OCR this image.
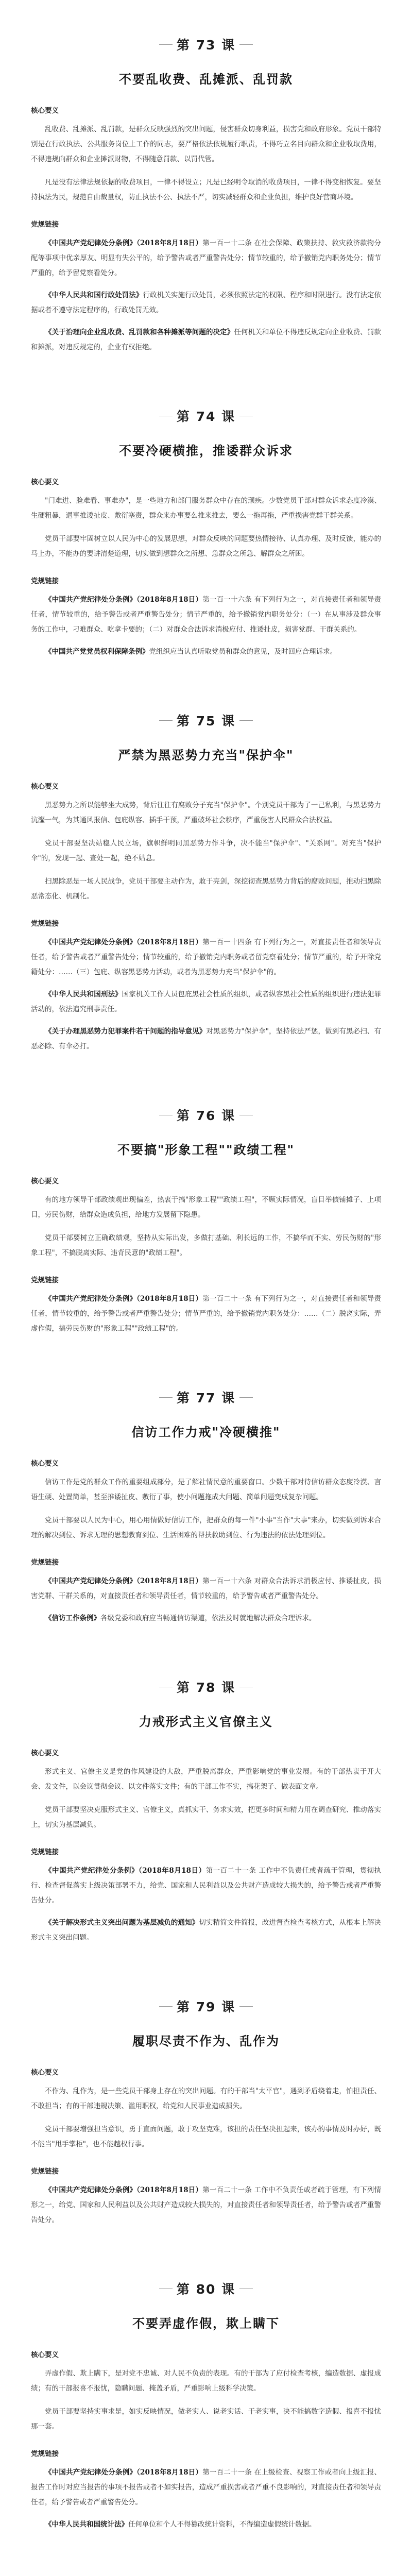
第 73 课
不要乱收费、乱摊派、乱罚款
核心要义

乱收费、乱摊派、乱罚款，是群众反映强烈的突出问题，侵害群众切身利益，损害党和政府形象。党员干部特别是在行政执法、公共服务岗位上工作的同志，要严格依法依规履行职责，不得巧立名目向群众和企业收取费用，不得违规向群众和企业摊派财物，不得随意罚款、以罚代管。

凡是没有法律法规依据的收费项目，一律不得设立；凡是已经明令取消的收费项目，一律不得变相恢复。要坚持执法为民，规范自由裁量权，防止执法不公、执法不严，切实减轻群众和企业负担，维护良好营商环境。

党规链接
《中国共产党纪律处分条例》（2018年8月18日）第一百一十二条 在社会保障、政策扶持、救灾救济款物分配等事项中优亲厚友、明显有失公平的，给予警告或者严重警告处分；情节较重的，给予撤销党内职务处分；情节严重的，给予留党察看处分。
《中华人民共和国行政处罚法》行政机关实施行政处罚，必须依照法定的权限、程序和时限进行。没有法定依据或者不遵守法定程序的，行政处罚无效。
《关于治理向企业乱收费、乱罚款和各种摊派等问题的决定》任何机关和单位不得违反规定向企业收费、罚款和摊派，对违反规定的，企业有权拒绝。
第 74 课
不要冷硬横推，推诿群众诉求
核心要义

"门难进、脸难看、事难办"，是一些地方和部门服务群众中存在的顽疾。少数党员干部对群众诉求态度冷漠、生硬粗暴，遇事推诿扯皮、敷衍塞责，群众来办事要么推来推去，要么一拖再拖，严重损害党群干群关系。

党员干部要牢固树立以人民为中心的发展思想，对群众反映的问题要热情接待、认真办理、及时反馈，能办的马上办，不能办的要讲清楚道理，切实做到想群众之所想、急群众之所急、解群众之所困。

党规链接
《中国共产党纪律处分条例》（2018年8月18日）第一百一十六条 有下列行为之一，对直接责任者和领导责任者，情节较重的，给予警告或者严重警告处分；情节严重的，给予撤销党内职务处分：（一）在从事涉及群众事务的工作中，刁难群众、吃拿卡要的；（二）对群众合法诉求消极应付、推诿扯皮，损害党群、干群关系的。
《中国共产党党员权利保障条例》党组织应当认真听取党员和群众的意见，及时回应合理诉求。
第 75 课
严禁为黑恶势力充当"保护伞"
核心要义

黑恶势力之所以能够坐大成势，背后往往有腐败分子充当"保护伞"。个别党员干部为了一己私利，与黑恶势力沆瀣一气，为其通风报信、包庇纵容、插手干预，严重破坏社会秩序，严重侵害人民群众合法权益。

党员干部要坚决站稳人民立场，旗帜鲜明同黑恶势力作斗争，决不能当"保护伞"、"关系网"。对充当"保护伞"的，发现一起、查处一起，绝不姑息。

扫黑除恶是一场人民战争，党员干部要主动作为，敢于亮剑，深挖彻查黑恶势力背后的腐败问题，推动扫黑除恶常态化、机制化。

党规链接
《中国共产党纪律处分条例》（2018年8月18日）第一百一十四条 有下列行为之一，对直接责任者和领导责任者，给予警告或者严重警告处分；情节较重的，给予撤销党内职务或者留党察看处分；情节严重的，给予开除党籍处分：……（三）包庇、纵容黑恶势力活动，或者为黑恶势力充当"保护伞"的。
《中华人民共和国刑法》国家机关工作人员包庇黑社会性质的组织，或者纵容黑社会性质的组织进行违法犯罪活动的，依法追究刑事责任。
《关于办理黑恶势力犯罪案件若干问题的指导意见》对黑恶势力"保护伞"，坚持依法严惩，做到有黑必扫、有恶必除、有伞必打。
第 76 课
不要搞"形象工程""政绩工程"
核心要义

有的地方领导干部政绩观出现偏差，热衷于搞"形象工程""政绩工程"，不顾实际情况，盲目举债铺摊子、上项目，劳民伤财，给群众造成负担，给地方发展留下隐患。

党员干部要树立正确政绩观，坚持从实际出发，多做打基础、利长远的工作，不搞华而不实、劳民伤财的"形象工程"，不搞脱离实际、违背民意的"政绩工程"。

党规链接
《中国共产党纪律处分条例》（2018年8月18日）第一百二十一条 有下列行为之一，对直接责任者和领导责任者，情节较重的，给予警告或者严重警告处分；情节严重的，给予撤销党内职务处分：……（二）脱离实际，弄虚作假，搞劳民伤财的"形象工程""政绩工程"的。
第 77 课
信访工作力戒"冷硬横推"
核心要义

信访工作是党的群众工作的重要组成部分，是了解社情民意的重要窗口。少数干部对待信访群众态度冷漠、言语生硬、处置简单，甚至推诿扯皮、敷衍了事，使小问题拖成大问题、简单问题变成复杂问题。

党员干部要以人民为中心，用心用情做好信访工作，把群众的每一件"小事"当作"大事"来办，切实做到诉求合理的解决到位、诉求无理的思想教育到位、生活困难的帮扶救助到位、行为违法的依法处理到位。

党规链接
《中国共产党纪律处分条例》（2018年8月18日）第一百一十六条 对群众合法诉求消极应付、推诿扯皮，损害党群、干群关系的，对直接责任者和领导责任者，情节较重的，给予警告或者严重警告处分。
《信访工作条例》各级党委和政府应当畅通信访渠道，依法及时就地解决群众合理诉求。
第 78 课
力戒形式主义官僚主义
核心要义

形式主义、官僚主义是党的作风建设的大敌，严重脱离群众，严重影响党的事业发展。有的干部热衷于开大会、发文件，以会议贯彻会议、以文件落实文件；有的干部工作不实，搞花架子、做表面文章。

党员干部要坚决克服形式主义、官僚主义，真抓实干、务求实效，把更多时间和精力用在调查研究、推动落实上，切实为基层减负。

党规链接
《中国共产党纪律处分条例》（2018年8月18日）第一百二十一条 工作中不负责任或者疏于管理，贯彻执行、检查督促落实上级决策部署不力，给党、国家和人民利益以及公共财产造成较大损失的，给予警告或者严重警告处分。
《关于解决形式主义突出问题为基层减负的通知》切实精简文件简报，改进督查检查考核方式，从根本上解决形式主义突出问题。
第 79 课
履职尽责不作为、乱作为
核心要义

不作为、乱作为，是一些党员干部身上存在的突出问题。有的干部当"太平官"，遇到矛盾绕着走，怕担责任、不敢担当；有的干部违规决策、滥用职权，给党和人民事业造成损失。

党员干部要增强担当意识，勇于直面问题，敢于攻坚克难，该担的责任坚决担起来，该办的事情及时办好，既不能当"甩手掌柜"，也不能越权行事。

党规链接
《中国共产党纪律处分条例》（2018年8月18日）第一百二十一条 工作中不负责任或者疏于管理，有下列情形之一，给党、国家和人民利益以及公共财产造成较大损失的，对直接责任者和领导责任者，给予警告或者严重警告处分。
第 80 课
不要弄虚作假，欺上瞒下
核心要义

弄虚作假、欺上瞒下，是对党不忠诚、对人民不负责的表现。有的干部为了应付检查考核，编造数据、虚报成绩；有的干部报喜不报忧，隐瞒问题、掩盖矛盾，严重影响上级科学决策。

党员干部要坚持实事求是，如实反映情况，做老实人、说老实话、干老实事，决不能搞数字造假、报喜不报忧那一套。

党规链接
《中国共产党纪律处分条例》（2018年8月18日）第一百二十一条 在上级检查、视察工作或者向上级汇报、报告工作时对应当报告的事项不报告或者不如实报告，造成严重损害或者严重不良影响的，对直接责任者和领导责任者，给予警告或者严重警告处分。
《中华人民共和国统计法》任何单位和个人不得篡改统计资料，不得编造虚假统计数据。
